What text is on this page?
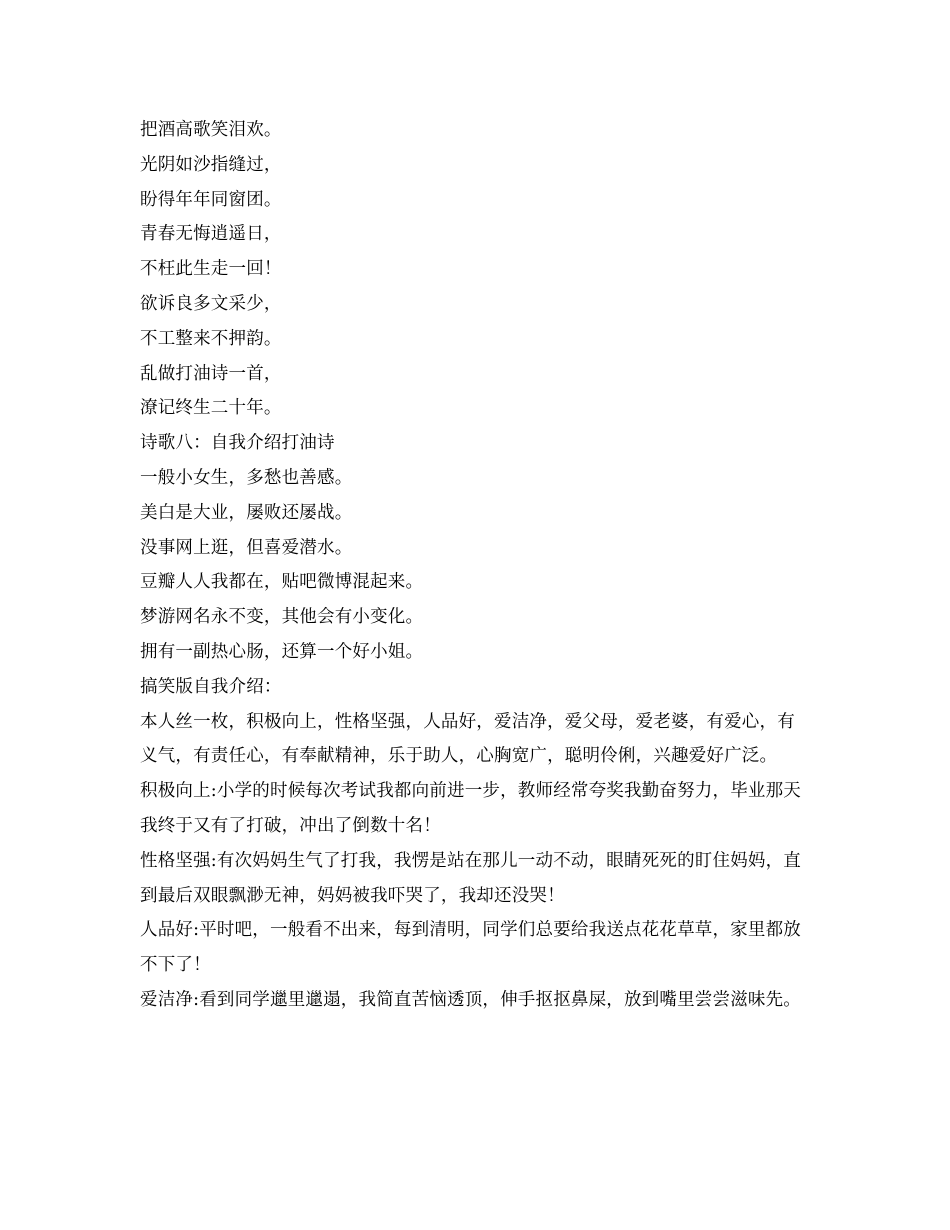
把酒高歌笑泪欢。

光阴如沙指缝过，

盼得年年同窗团。

青春无悔逍遥日，

不枉此生走一回！

欲诉良多文采少，

不工整来不押韵。

乱做打油诗一首，

潦记终生二十年。

诗歌八：自我介绍打油诗

一般小女生，多愁也善感。

美白是大业，屡败还屡战。

没事网上逛，但喜爱潜水。

豆瓣人人我都在，贴吧微博混起来。

梦游网名永不变，其他会有小变化。

拥有一副热心肠，还算一个好小姐。

搞笑版自我介绍：

本人丝一枚，积极向上，性格坚强，人品好，爱洁净，爱父母，爱老婆，有爱心，有义气，有责任心，有奉献精神，乐于助人，心胸宽广，聪明伶俐，兴趣爱好广泛。

积极向上:小学的时候每次考试我都向前进一步，教师经常夸奖我勤奋努力，毕业那天我终于又有了打破，冲出了倒数十名！

性格坚强:有次妈妈生气了打我，我愣是站在那儿一动不动，眼睛死死的盯住妈妈，直到最后双眼飘渺无神，妈妈被我吓哭了，我却还没哭！

人品好:平时吧，一般看不出来，每到清明，同学们总要给我送点花花草草，家里都放不下了！

爱洁净:看到同学邋里邋遢，我简直苦恼透顶，伸手抠抠鼻屎，放到嘴里尝尝滋味先。
